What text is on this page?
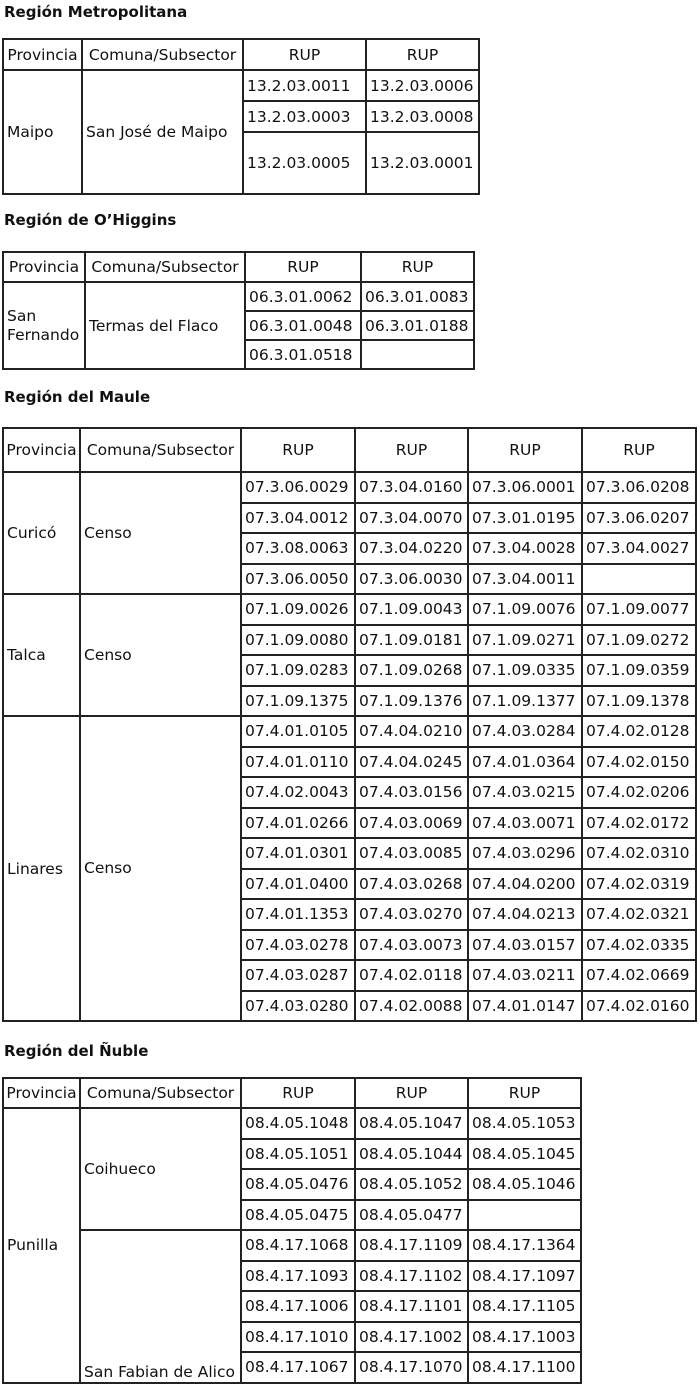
Región Metropolitana
Provincia	Comuna/Subsector	RUP	RUP
Maipo	San José de Maipo	13.2.03.0011	13.2.03.0006
		13.2.03.0003	13.2.03.0008
		13.2.03.0005	13.2.03.0001
Región de O’Higgins
Provincia	Comuna/Subsector	RUP	RUP
San Fernando	Termas del Flaco	06.3.01.0062	06.3.01.0083
		06.3.01.0048	06.3.01.0188
		06.3.01.0518	
Región del Maule
Provincia	Comuna/Subsector	RUP	RUP	RUP	RUP
Curicó	Censo	07.3.06.0029	07.3.04.0160	07.3.06.0001	07.3.06.0208
		07.3.04.0012	07.3.04.0070	07.3.01.0195	07.3.06.0207
		07.3.08.0063	07.3.04.0220	07.3.04.0028	07.3.04.0027
		07.3.06.0050	07.3.06.0030	07.3.04.0011	
Talca	Censo	07.1.09.0026	07.1.09.0043	07.1.09.0076	07.1.09.0077
		07.1.09.0080	07.1.09.0181	07.1.09.0271	07.1.09.0272
		07.1.09.0283	07.1.09.0268	07.1.09.0335	07.1.09.0359
		07.1.09.1375	07.1.09.1376	07.1.09.1377	07.1.09.1378
Linares	Censo	07.4.01.0105	07.4.04.0210	07.4.03.0284	07.4.02.0128
		07.4.01.0110	07.4.04.0245	07.4.01.0364	07.4.02.0150
		07.4.02.0043	07.4.03.0156	07.4.03.0215	07.4.02.0206
		07.4.01.0266	07.4.03.0069	07.4.03.0071	07.4.02.0172
		07.4.01.0301	07.4.03.0085	07.4.03.0296	07.4.02.0310
		07.4.01.0400	07.4.03.0268	07.4.04.0200	07.4.02.0319
		07.4.01.1353	07.4.03.0270	07.4.04.0213	07.4.02.0321
		07.4.03.0278	07.4.03.0073	07.4.03.0157	07.4.02.0335
		07.4.03.0287	07.4.02.0118	07.4.03.0211	07.4.02.0669
		07.4.03.0280	07.4.02.0088	07.4.01.0147	07.4.02.0160
Región del Ñuble
Provincia	Comuna/Subsector	RUP	RUP	RUP
Punilla	Coihueco	08.4.05.1048	08.4.05.1047	08.4.05.1053
		08.4.05.1051	08.4.05.1044	08.4.05.1045
		08.4.05.0476	08.4.05.1052	08.4.05.1046
		08.4.05.0475	08.4.05.0477	
	San Fabian de Alico	08.4.17.1068	08.4.17.1109	08.4.17.1364
		08.4.17.1093	08.4.17.1102	08.4.17.1097
		08.4.17.1006	08.4.17.1101	08.4.17.1105
		08.4.17.1010	08.4.17.1002	08.4.17.1003
		08.4.17.1067	08.4.17.1070	08.4.17.1100
